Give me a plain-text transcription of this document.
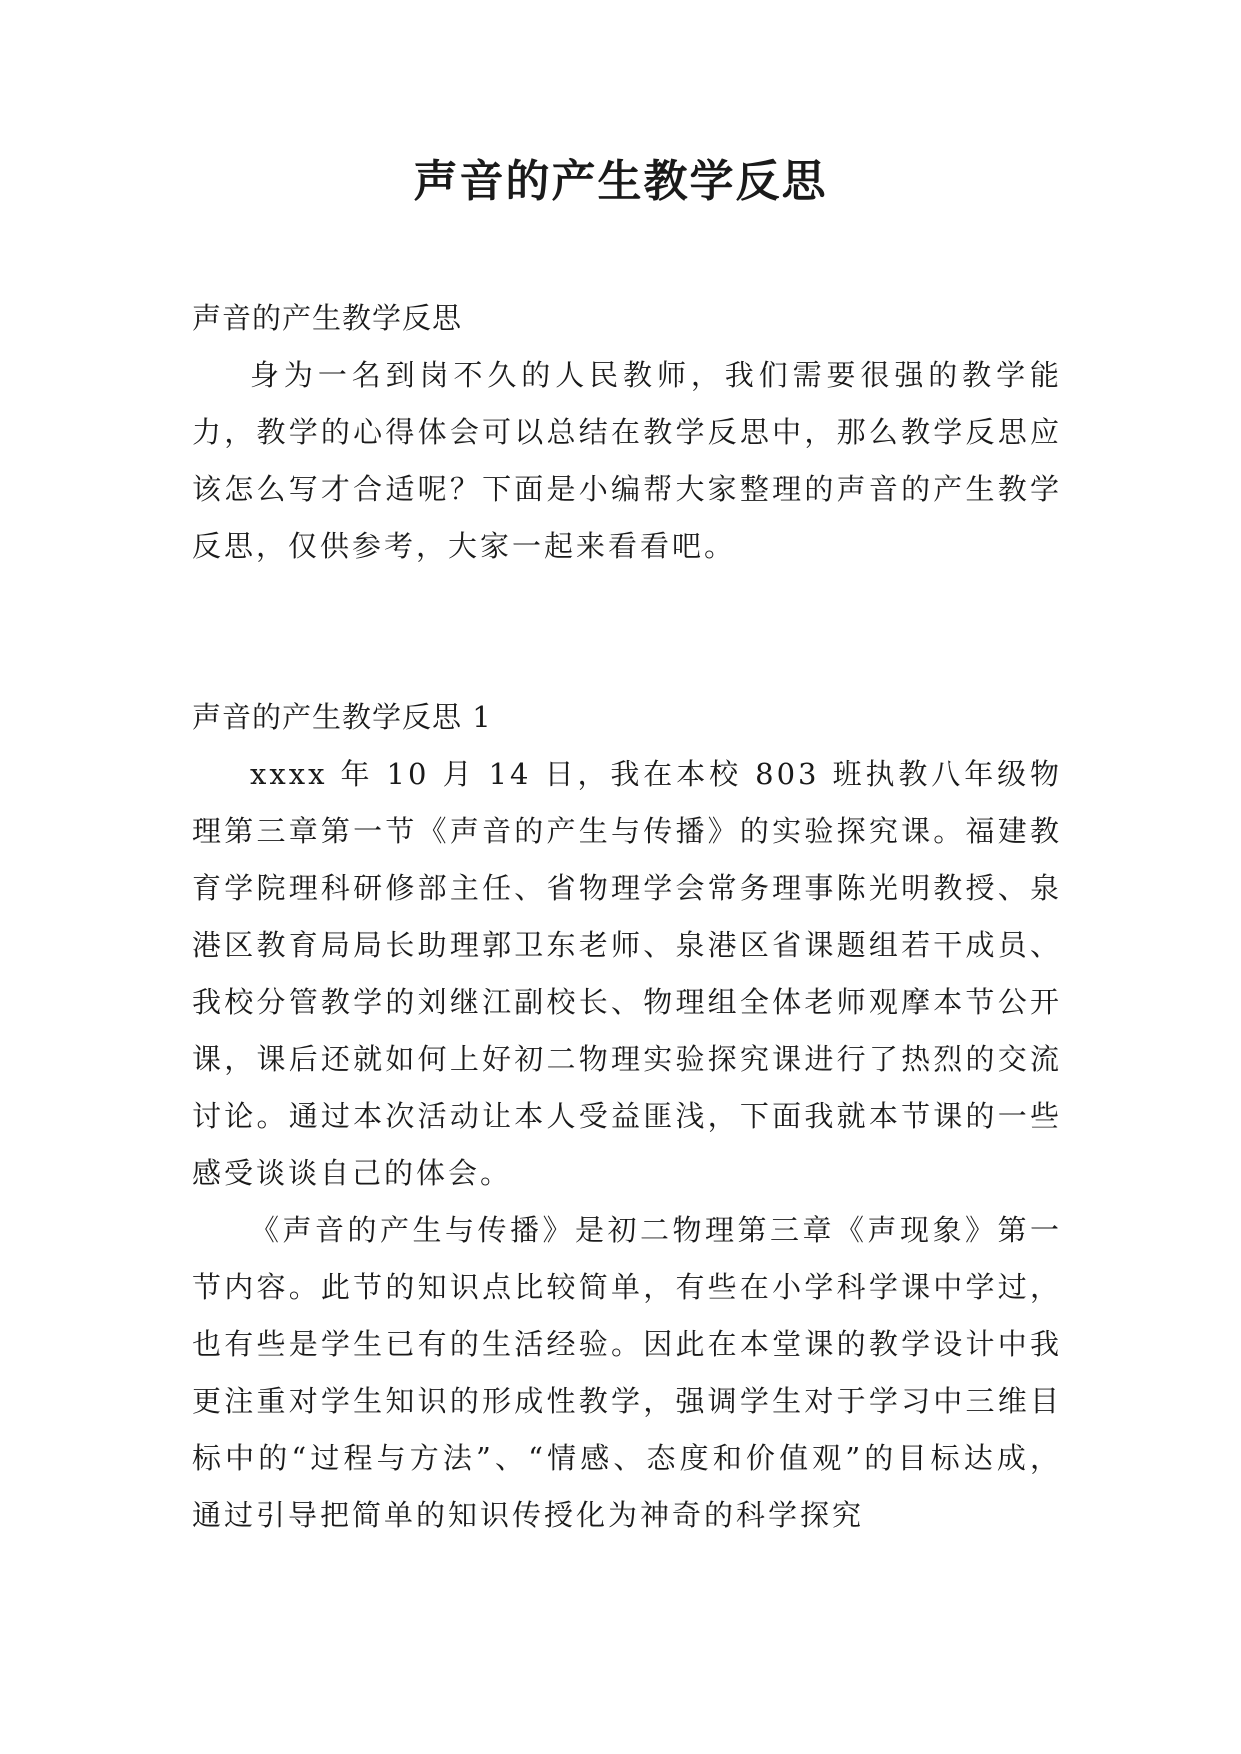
声音的产生教学反思

声音的产生教学反思

身为一名到岗不久的人民教师，我们需要很强的教学能力，教学的心得体会可以总结在教学反思中，那么教学反思应该怎么写才合适呢？下面是小编帮大家整理的声音的产生教学反思，仅供参考，大家一起来看看吧。

声音的产生教学反思 1

xxxx 年 10 月 14 日，我在本校 803 班执教八年级物理第三章第一节《声音的产生与传播》的实验探究课。福建教育学院理科研修部主任、省物理学会常务理事陈光明教授、泉港区教育局局长助理郭卫东老师、泉港区省课题组若干成员、我校分管教学的刘继江副校长、物理组全体老师观摩本节公开课，课后还就如何上好初二物理实验探究课进行了热烈的交流讨论。通过本次活动让本人受益匪浅，下面我就本节课的一些感受谈谈自己的体会。

《声音的产生与传播》是初二物理第三章《声现象》第一节内容。此节的知识点比较简单，有些在小学科学课中学过，也有些是学生已有的生活经验。因此在本堂课的教学设计中我更注重对学生知识的形成性教学，强调学生对于学习中三维目标中的“过程与方法”、“情感、态度和价值观”的目标达成，通过引导把简单的知识传授化为神奇的科学探究
